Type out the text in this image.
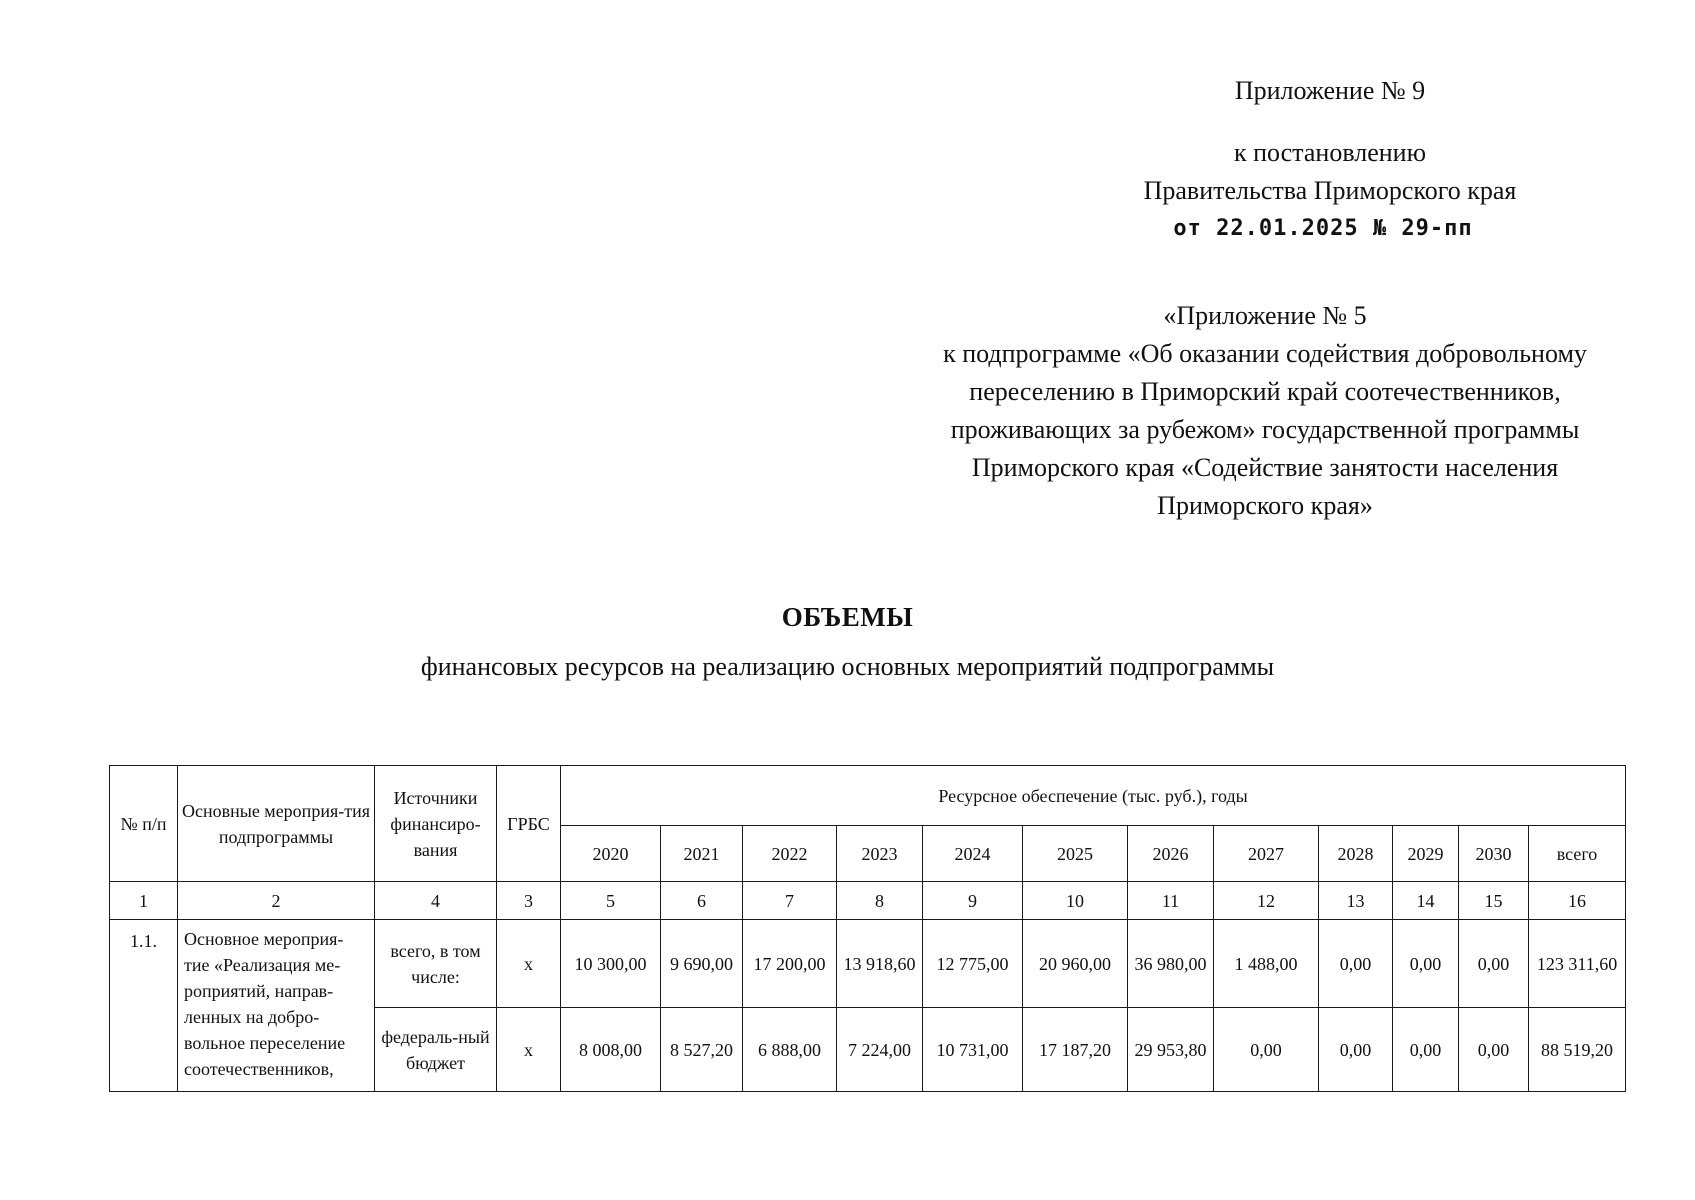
Приложение № 9
к постановлению
Правительства Приморского края
от 22.01.2025 № 29-пп
«Приложение № 5
к подпрограмме «Об оказании содействия добровольному
переселению в Приморский край соотечественников,
проживающих за рубежом» государственной программы
Приморского края «Содействие занятости населения
Приморского края»
ОБЪЕМЫ
финансовых ресурсов на реализацию основных мероприятий подпрограммы
№ п/п	Основные мероприя-тия подпрограммы	Источники финансиро-вания	ГРБС	Ресурсное обеспечение (тыс. руб.), годы											
				2020	2021	2022	2023	2024	2025	2026	2027	2028	2029	2030	всего
1	2	4	3	5	6	7	8	9	10	11	12	13	14	15	16
1.1.	Основное мероприя-тие «Реализация ме-роприятий, направ-ленных на добро-вольное переселение соотечественников,	всего, в том числе:	x	10 300,00	9 690,00	17 200,00	13 918,60	12 775,00	20 960,00	36 980,00	1 488,00	0,00	0,00	0,00	123 311,60
		федераль-ный бюджет	x	8 008,00	8 527,20	6 888,00	7 224,00	10 731,00	17 187,20	29 953,80	0,00	0,00	0,00	0,00	88 519,20
